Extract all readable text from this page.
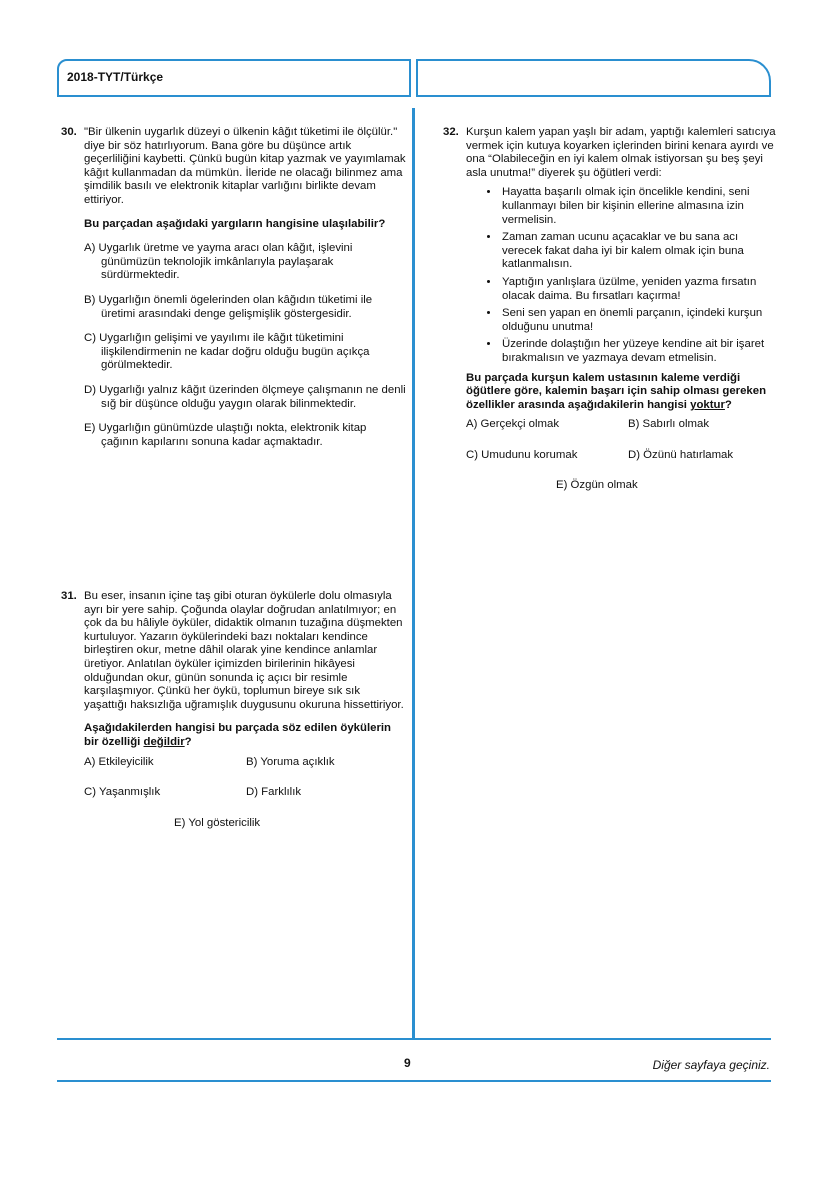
2018-TYT/Türkçe
30. "Bir ülkenin uygarlık düzeyi o ülkenin kâğıt tüketimi ile ölçülür." diye bir söz hatırlıyorum. Bana göre bu düşünce artık geçerliliğini kaybetti. Çünkü bugün kitap yazmak ve yayımlamak kâğıt kullanmadan da mümkün. İleride ne olacağı bilinmez ama şimdilik basılı ve elektronik kitaplar varlığını birlikte devam ettiriyor.

Bu parçadan aşağıdaki yargıların hangisine ulaşılabilir?

A) Uygarlık üretme ve yayma aracı olan kâğıt, işlevini günümüzün teknolojik imkânlarıyla paylaşarak sürdürmektedir.

B) Uygarlığın önemli ögelerinden olan kâğıdın tüketimi ile üretimi arasındaki denge gelişmişlik göstergesidir.

C) Uygarlığın gelişimi ve yayılımı ile kâğıt tüketimini ilişkilendirmenin ne kadar doğru olduğu bugün açıkça görülmektedir.

D) Uygarlığı yalnız kâğıt üzerinden ölçmeye çalışmanın ne denli sığ bir düşünce olduğu yaygın olarak bilinmektedir.

E) Uygarlığın günümüzde ulaştığı nokta, elektronik kitap çağının kapılarını sonuna kadar açmaktadır.

31. Bu eser, insanın içine taş gibi oturan öykülerle dolu olmasıyla ayrı bir yere sahip. Çoğunda olaylar doğrudan anlatılmıyor; en çok da bu hâliyle öyküler, didaktik olmanın tuzağına düşmekten kurtuluyor. Yazarın öykülerindeki bazı noktaları kendince birleştiren okur, metne dâhil olarak yine kendince anlamlar üretiyor. Anlatılan öyküler içimizden birilerinin hikâyesi olduğundan okur, günün sonunda iç açıcı bir resimle karşılaşmıyor. Çünkü her öykü, toplumun bireye sık sık yaşattığı haksızlığa uğramışlık duygusunu okuruna hissettiriyor.

Aşağıdakilerden hangisi bu parçada söz edilen öykülerin bir özelliği değildir?

A) Etkileyicilik	B) Yoruma açıklık
C) Yaşanmışlık	D) Farklılık
E) Yol göstericilik
32. Kurşun kalem yapan yaşlı bir adam, yaptığı kalemleri satıcıya vermek için kutuya koyarken içlerinden birini kenara ayırdı ve ona “Olabileceğin en iyi kalem olmak istiyorsan şu beş şeyi asla unutma!” diyerek şu öğütleri verdi:

• Hayatta başarılı olmak için öncelikle kendini, seni kullanmayı bilen bir kişinin ellerine almasına izin vermelisin.
• Zaman zaman ucunu açacaklar ve bu sana acı verecek fakat daha iyi bir kalem olmak için buna katlanmalısın.
• Yaptığın yanlışlara üzülme, yeniden yazma fırsatın olacak daima. Bu fırsatları kaçırma!
• Seni sen yapan en önemli parçanın, içindeki kurşun olduğunu unutma!
• Üzerinde dolaştığın her yüzeye kendine ait bir işaret bırakmalısın ve yazmaya devam etmelisin.

Bu parçada kurşun kalem ustasının kaleme verdiği öğütlere göre, kalemin başarı için sahip olması gereken özellikler arasında aşağıdakilerin hangisi yoktur?

A) Gerçekçi olmak	B) Sabırlı olmak
C) Umudunu korumak	D) Özünü hatırlamak
E) Özgün olmak
9	Diğer sayfaya geçiniz.
